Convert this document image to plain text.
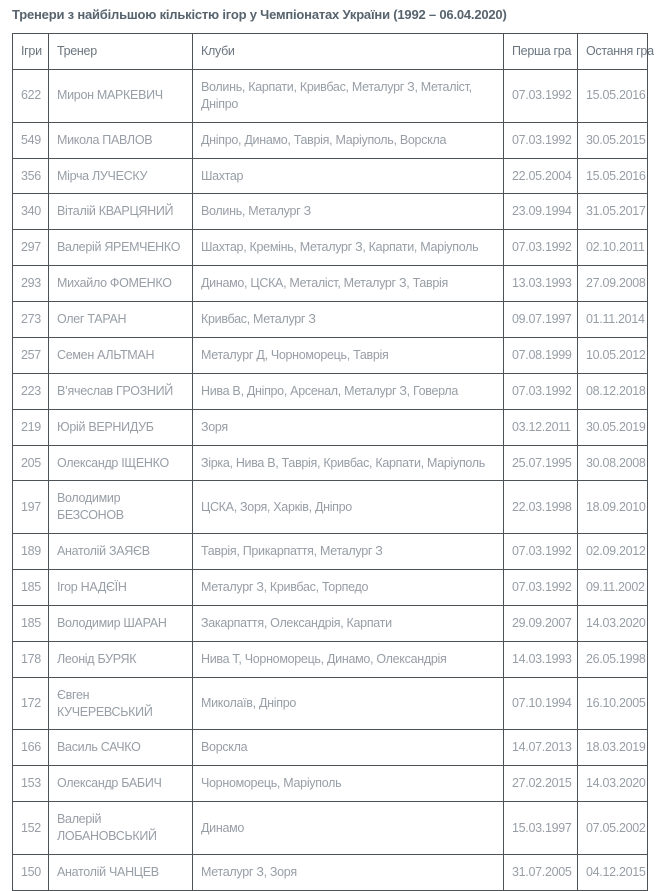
Тренери з найбільшою кількістю ігор у Чемпіонатах України (1992 – 06.04.2020)
Ігри	Тренер	Клуби	Перша гра	Остання гра
622	Мирон МАРКЕВИЧ	Волинь, Карпати, Кривбас, Металург З, Металіст, Дніпро	07.03.1992	15.05.2016
549	Микола ПАВЛОВ	Дніпро, Динамо, Таврія, Маріуполь, Ворскла	07.03.1992	30.05.2015
356	Мірча ЛУЧЕСКУ	Шахтар	22.05.2004	15.05.2016
340	Віталій КВАРЦЯНИЙ	Волинь, Металург З	23.09.1994	31.05.2017
297	Валерій ЯРЕМЧЕНКО	Шахтар, Кремінь, Металург З, Карпати, Маріуполь	07.03.1992	02.10.2011
293	Михайло ФОМЕНКО	Динамо, ЦСКА, Металіст, Металург З, Таврія	13.03.1993	27.09.2008
273	Олег ТАРАН	Кривбас, Металург З	09.07.1997	01.11.2014
257	Семен АЛЬТМАН	Металург Д, Чорноморець, Таврія	07.08.1999	10.05.2012
223	В’ячеслав ГРОЗНИЙ	Нива В, Дніпро, Арсенал, Металург З, Говерла	07.03.1992	08.12.2018
219	Юрій ВЕРНИДУБ	Зоря	03.12.2011	30.05.2019
205	Олександр ІЩЕНКО	Зірка, Нива В, Таврія, Кривбас, Карпати, Маріуполь	25.07.1995	30.08.2008
197	Володимир БЕЗСОНОВ	ЦСКА, Зоря, Харків, Дніпро	22.03.1998	18.09.2010
189	Анатолій ЗАЯЄВ	Таврія, Прикарпаття, Металург З	07.03.1992	02.09.2012
185	Ігор НАДЄЇН	Металург З, Кривбас, Торпедо	07.03.1992	09.11.2002
185	Володимир ШАРАН	Закарпаття, Олександрія, Карпати	29.09.2007	14.03.2020
178	Леонід БУРЯК	Нива Т, Чорноморець, Динамо, Олександрія	14.03.1993	26.05.1998
172	Євген КУЧЕРЕВСЬКИЙ	Миколаїв, Дніпро	07.10.1994	16.10.2005
166	Василь САЧКО	Ворскла	14.07.2013	18.03.2019
153	Олександр БАБИЧ	Чорноморець, Маріуполь	27.02.2015	14.03.2020
152	Валерій ЛОБАНОВСЬКИЙ	Динамо	15.03.1997	07.05.2002
150	Анатолій ЧАНЦЕВ	Металург З, Зоря	31.07.2005	04.12.2015
